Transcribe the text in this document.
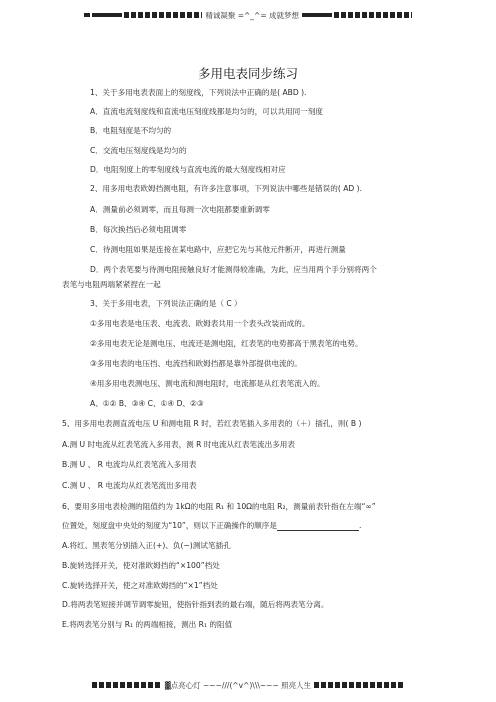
精诚凝聚 =^_^= 成就梦想

多用电表同步练习
1、关于多用电表表面上的刻度线，下列说法中正确的是( ABD ).
A．直流电流刻度线和直流电压刻度线都是均匀的，可以共用同一刻度
B．电阻刻度是不均匀的
C．交流电压刻度线是均匀的
D．电阻刻度上的零刻度线与直流电流的最大刻度线相对应
2、用多用电表欧姆挡测电阻，有许多注意事项，下列说法中哪些是错误的( AD ).
A．测量前必须调零，而且每测一次电阻都要重新调零
B．每次换挡后必须电阻调零
C．待测电阻如果是连接在某电路中，应把它先与其他元件断开，再进行测量
D．两个表笔要与待测电阻接触良好才能测得较准确，为此，应当用两个手分别将两个
表笔与电阻两端紧紧捏在一起
3、关于多用电表，下列说法正确的是（ C ）
①多用电表是电压表、电流表、欧姆表共用一个表头改装而成的。
②多用电表无论是测电压、电流还是测电阻，红表笔的电势都高于黑表笔的电势。
③多用电表的电压挡、电流挡和欧姆挡都是靠外部提供电流的。
④用多用电表测电压、测电流和测电阻时，电流都是从红表笔流入的。
A、①② B、③④ C、①④ D、②③
5、用多用电表测直流电压 U 和测电阻 R 时，若红表笔插入多用表的（＋）插孔，则( B )
A.测 U 时电流从红表笔流入多用表，测 R 时电流从红表笔流出多用表
B.测 U 、 R 电流均从红表笔流入多用表
C.测 U 、 R 电流均从红表笔流出多用表
6、要用多用电表检测的阻值约为 1kΩ的电阻 R₁ 和 10Ω的电阻 R₂，测量前表针指在左端“∞”
位置处，刻度盘中央处的刻度为“10”，则以下正确操作的顺序是	.
A.将红、黑表笔分别插入正(+)、负(−)测试笔插孔
B.旋转选择开关，使对准欧姆挡的“×100”档处
C.旋转选择开关，使之对准欧姆挡的“×1”档处
D.将两表笔短接并调节调零旋钮，使指针指到表的最右端，随后将两表笔分离。
E.将两表笔分别与 R₁ 的两端相接，测出 R₁ 的阻值
▓点亮心灯 ~~~///(^v^)\\\~~~ 照亮人生
